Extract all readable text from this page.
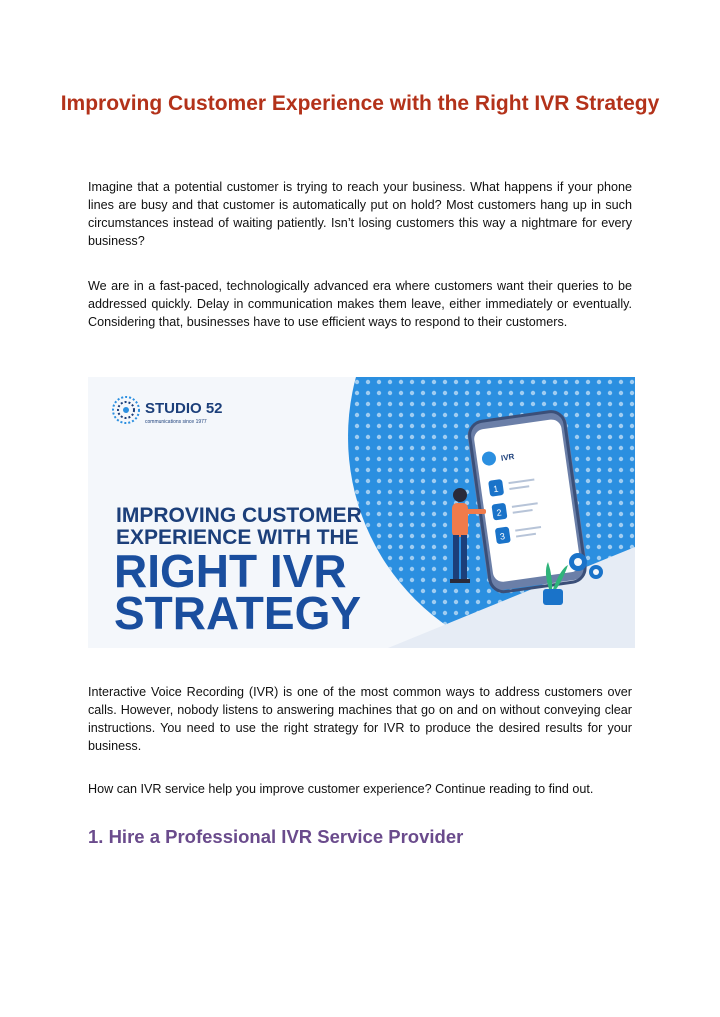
Improving Customer Experience with the Right IVR Strategy

Imagine that a potential customer is trying to reach your business. What happens if your phone lines are busy and that customer is automatically put on hold? Most customers hang up in such circumstances instead of waiting patiently. Isn’t losing customers this way a nightmare for every business?

We are in a fast-paced, technologically advanced era where customers want their queries to be addressed quickly. Delay in communication makes them leave, either immediately or eventually. Considering that, businesses have to use efficient ways to respond to their customers.

STUDIO 52
communications since 1977
IMPROVING CUSTOMER
EXPERIENCE WITH THE
RIGHT IVR
STRATEGY
IVR
1
2
3

Interactive Voice Recording (IVR) is one of the most common ways to address customers over calls. However, nobody listens to answering machines that go on and on without conveying clear instructions. You need to use the right strategy for IVR to produce the desired results for your business.

How can IVR service help you improve customer experience? Continue reading to find out.

1. Hire a Professional IVR Service Provider
